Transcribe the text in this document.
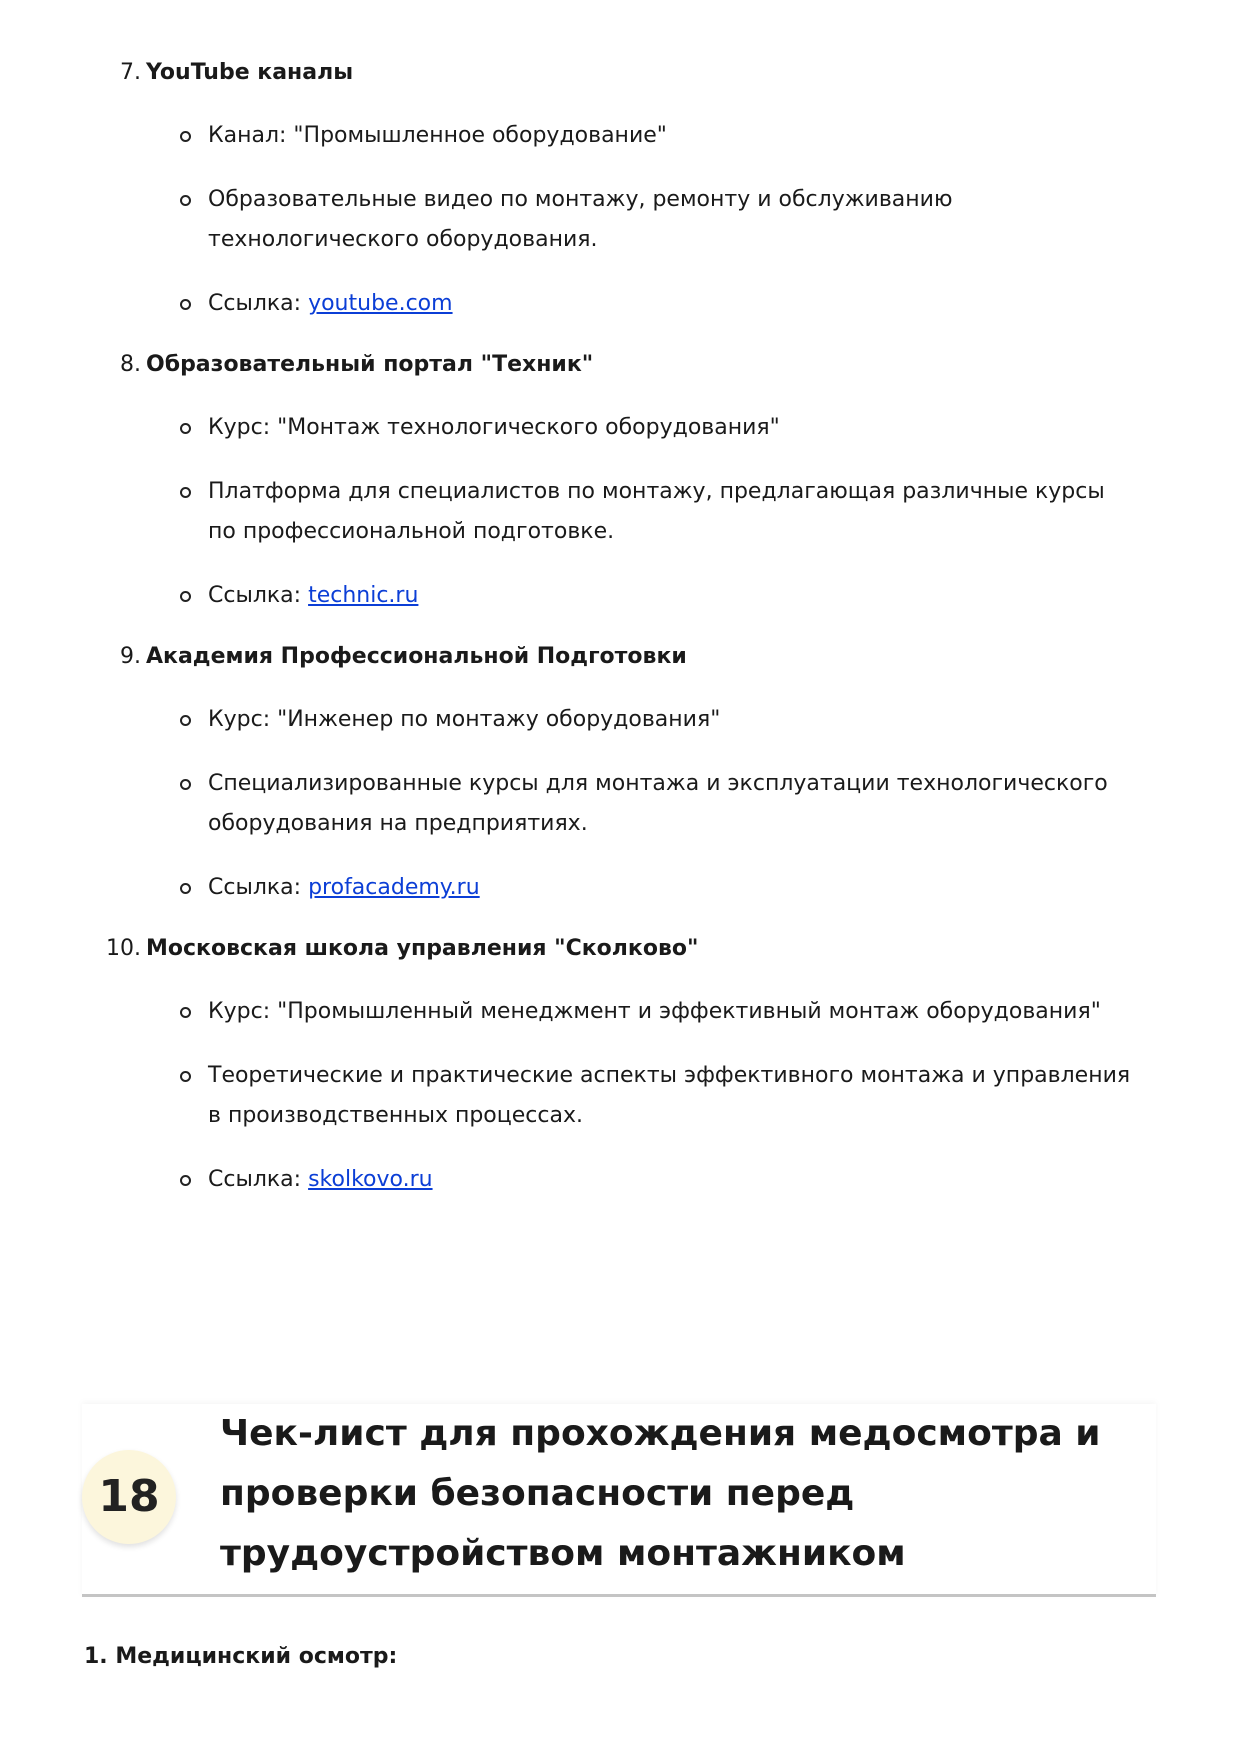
7. YouTube каналы
Канал: "Промышленное оборудование"
Образовательные видео по монтажу, ремонту и обслуживанию технологического оборудования.
Ссылка: youtube.com
8. Образовательный портал "Техник"
Курс: "Монтаж технологического оборудования"
Платформа для специалистов по монтажу, предлагающая различные курсы по профессиональной подготовке.
Ссылка: technic.ru
9. Академия Профессиональной Подготовки
Курс: "Инженер по монтажу оборудования"
Специализированные курсы для монтажа и эксплуатации технологического оборудования на предприятиях.
Ссылка: profacademy.ru
10. Московская школа управления "Сколково"
Курс: "Промышленный менеджмент и эффективный монтаж оборудования"
Теоретические и практические аспекты эффективного монтажа и управления в производственных процессах.
Ссылка: skolkovo.ru
18
Чек-лист для прохождения медосмотра и проверки безопасности перед трудоустройством монтажником
1. Медицинский осмотр:
